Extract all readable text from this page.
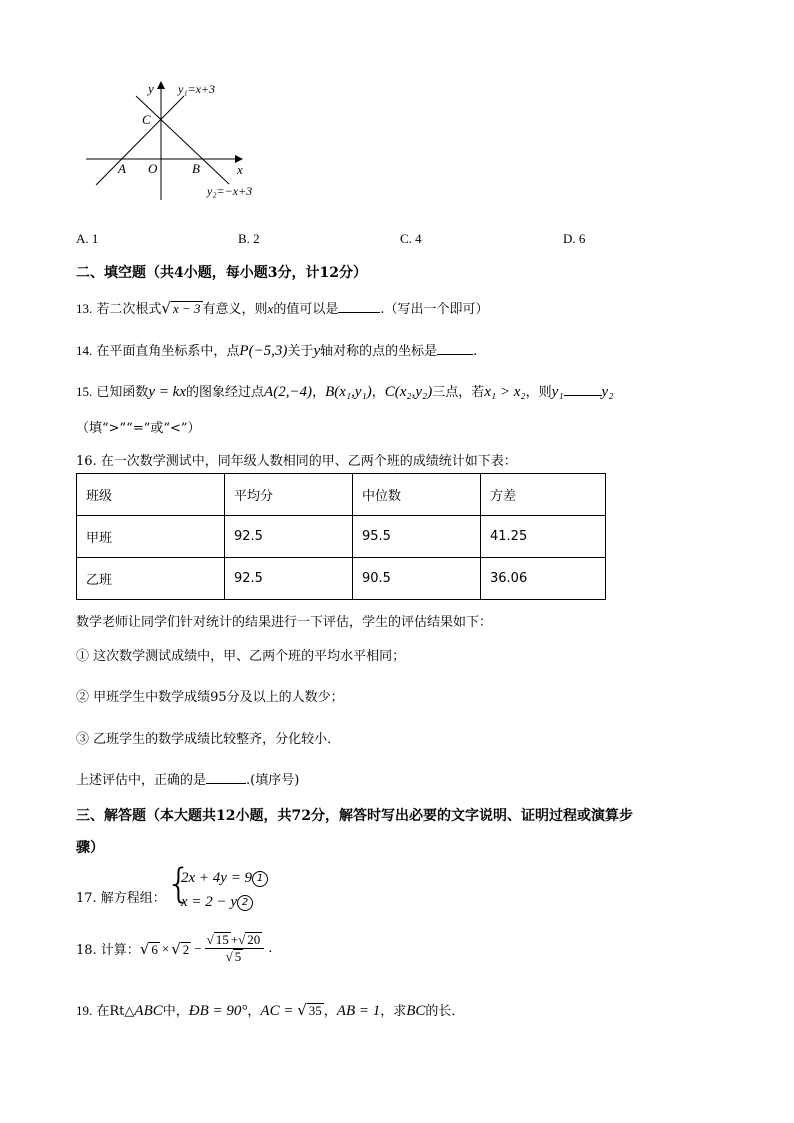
y
x
y₁=x+3
y₂=−x+3
C
A O	B
A. 1	B. 2	C. 4	D. 6
二、填空题（共4小题，每小题3分，计12分）
13. 若二次根式√ x − 3 有意义，则x的值可以是	.（写出一个即可）
14. 在平面直角坐标系中，点P(−5,3)关于y轴对称的点的坐标是	.
15. 已知函数y = kx的图象经过点A(2,−4)，B(x₁,y₁)，C(x₂,y₂)三点，若x₁ > x₂，则y₁	y₂
（填“>”“=”或“<”）
16. 在一次数学测试中，同年级人数相同的甲、乙两个班的成绩统计如下表：
班级	平均分	中位数	方差
甲班	92.5	95.5	41.25
乙班	92.5	90.5	36.06
数学老师让同学们针对统计的结果进行一下评估，学生的评估结果如下：
① 这次数学测试成绩中，甲、乙两个班的平均水平相同；
② 甲班学生中数学成绩95分及以上的人数少；
③ 乙班学生的数学成绩比较整齐，分化较小．
上述评估中，正确的是	.(填序号)
三、解答题（本大题共12小题，共72分，解答时写出必要的文字说明、证明过程或演算步
骤）
17. 解方程组： {
2x + 4y = 9 1
x = 2 − y 2
18. 计算： √ 6 × √ $2 - \frac{√ 15 +√ 20}{√ 5}$ .
19. 在Rt△ABC中，ÐB = 90°，AC = √ 35 ，AB = 1，求BC的长．
